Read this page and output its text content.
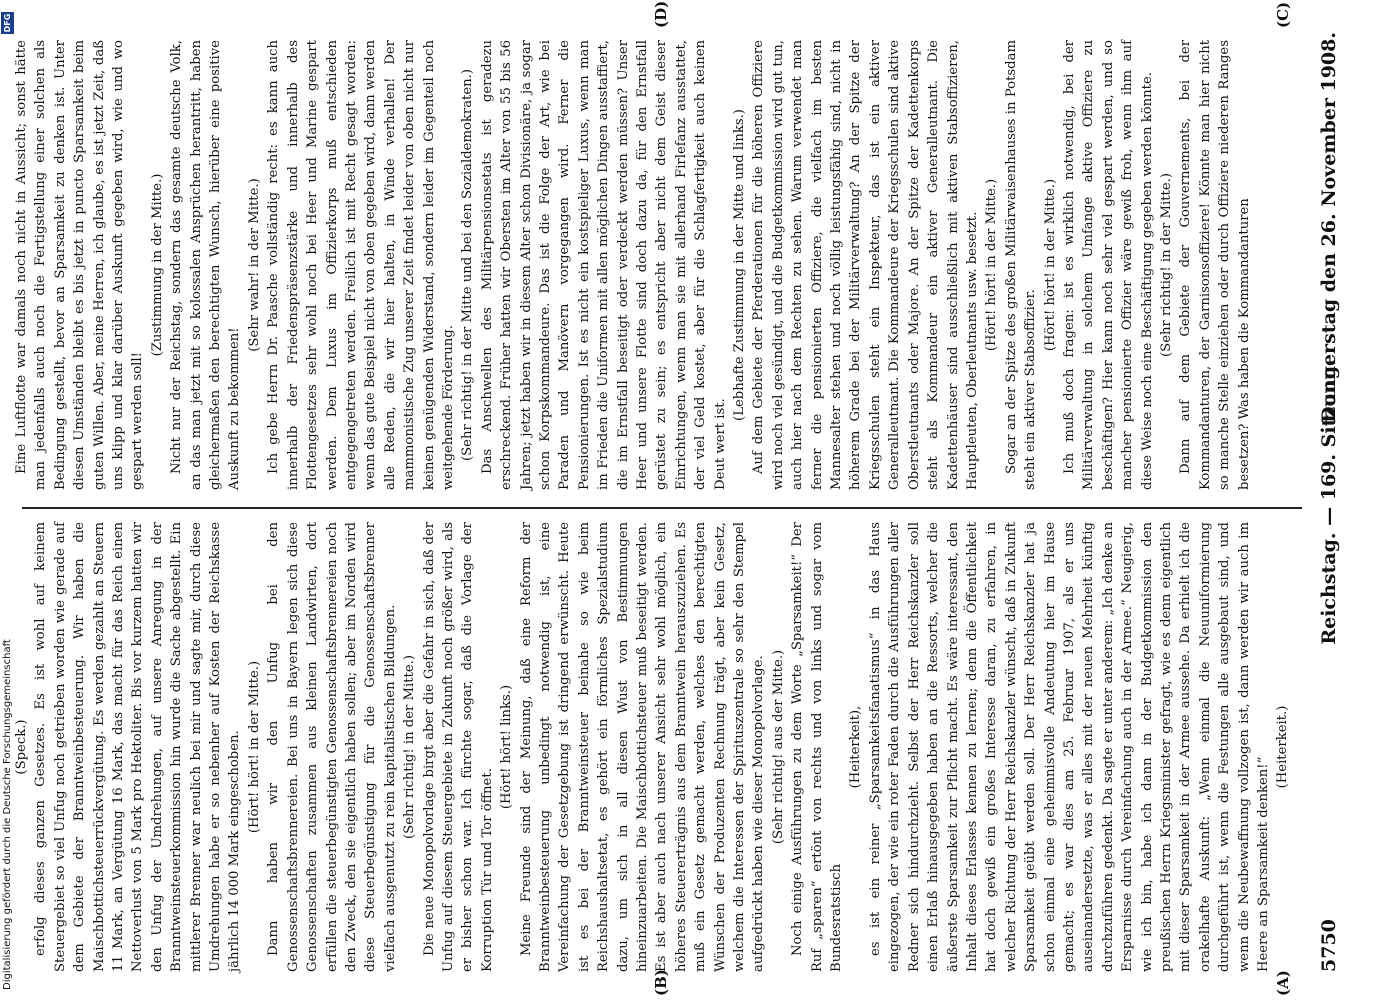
5750
Reichstag. — 169. Sitzung.
Donnerstag den 26. November 1908.
(A)
(B)
(C)
(D)

(Speck.) erfolg dieses ganzen Gesetzes. Es ist wohl auf keinem Steuergebiet so viel Unfug noch getrieben worden wie gerade auf dem Gebiete der Branntweinbesteuerung. Wir haben die Maischbottichsteuerrückvergütung. Es werden gezahlt an Steuern 11 Mark, an Vergütung 16 Mark, das macht für das Reich einen Nettoverlust von 5 Mark pro Hektoliter. Bis vor kurzem hatten wir den Unfug der Umdrehungen, auf unsere Anregung in der Branntweinsteuerkommission hin wurde die Sache abgestellt. Ein mittlerer Brenner war neulich bei mir und sagte mir, durch diese Umdrehungen habe er so nebenher auf Kosten der Reichskasse jährlich 14 000 Mark eingeschoben. (Hört! hört! in der Mitte.) Dann haben wir den Unfug bei den Genossenschaftsbrennereien. Bei uns in Bayern legen sich diese Genossenschaften zusammen aus kleinen Landwirten, dort erfüllen die steuerbegünstigten Genossenschaftsbrennereien noch den Zweck, den sie eigentlich haben sollen; aber im Norden wird diese Steuerbegünstigung für die Genossenschaftsbrenner vielfach ausgenutzt zu rein kapitalistischen Bildungen. (Sehr richtig! in der Mitte.) Die neue Monopolvorlage birgt aber die Gefahr in sich, daß der Unfug auf diesem Steuergebiete in Zukunft noch größer wird, als er bisher schon war. Ich fürchte sogar, daß die Vorlage der Korruption Tür und Tor öffnet.

(Hört! hört! links.) Meine Freunde sind der Meinung, daß eine Reform der Branntweinbesteuerung unbedingt notwendig ist, eine Vereinfachung der Gesetzgebung ist dringend erwünscht. Heute ist es bei der Branntweinsteuer beinahe so wie beim Reichshaushaltsetat, es gehört ein förmliches Spezialstudium dazu, um sich in all diesen Wust von Bestimmungen hineinzuarbeiten. Die Maischbottichsteuer muß beseitigt werden. Es ist aber auch nach unserer Ansicht sehr wohl möglich, ein höheres Steuererträgnis aus dem Branntwein herauszuziehen. Es muß ein Gesetz gemacht werden, welches den berechtigten Wünschen der Produzenten Rechnung trägt, aber kein Gesetz, welchem die Interessen der Spirituszentrale so sehr den Stempel aufgedrückt haben wie dieser Monopolvorlage. (Sehr richtig! aus der Mitte.) Noch einige Ausführungen zu dem Worte „Sparsamkeit!“ Der Ruf „sparen“ ertönt von rechts und von links und sogar vom Bundesratstisch

(Heiterkeit), es ist ein reiner „Sparsamkeitsfanatismus“ in das Haus eingezogen, der wie ein roter Faden durch die Ausführungen aller Redner sich hindurchzieht. Selbst der Herr Reichskanzler soll einen Erlaß hinausgegeben haben an die Ressorts, welcher die äußerste Sparsamkeit zur Pflicht macht. Es wäre interessant, den Inhalt dieses Erlasses kennen zu lernen; denn die Öffentlichkeit hat doch gewiß ein großes Interesse daran, zu erfahren, in welcher Richtung der Herr Reichskanzler wünscht, daß in Zukunft Sparsamkeit geübt werden soll. Der Herr Reichskanzler hat ja schon einmal eine geheimnisvolle Andeutung hier im Hause gemacht; es war dies am 25. Februar 1907, als er uns auseinandersetzte, was er alles mit der neuen Mehrheit künftig durchzuführen gedenkt. Da sagte er unter anderem: „Ich denke an Ersparnisse durch Vereinfachung auch in der Armee.“ Neugierig, wie ich bin, habe ich dann in der Budgetkommission den preußischen Herrn Kriegsminister gefragt, wie es denn eigentlich mit dieser Sparsamkeit in der Armee aussehe. Da erhielt ich die orakelhafte Auskunft: „Wenn einmal die Neuuniformierung durchgeführt ist, wenn die Festungen alle ausgebaut sind, und wenn die Neubewaffnung vollzogen ist, dann werden wir auch im Heere an Sparsamkeit denken!“

(Heiterkeit.)

Eine Luftflotte war damals noch nicht in Aussicht; sonst hätte man jedenfalls auch noch die Fertigstellung einer solchen als Bedingung gestellt, bevor an Sparsamkeit zu denken ist. Unter diesen Umständen bleibt es bis jetzt in puncto Sparsamkeit beim guten Willen. Aber, meine Herren, ich glaube, es ist jetzt Zeit, daß uns klipp und klar darüber Auskunft gegeben wird, wie und wo gespart werden soll!

(Zustimmung in der Mitte.) Nicht nur der Reichstag, sondern das gesamte deutsche Volk, an das man jetzt mit so kolossalen Ansprüchen herantritt, haben gleichermaßen den berechtigten Wunsch, hierüber eine positive Auskunft zu bekommen!

(Sehr wahr! in der Mitte.) Ich gebe Herrn Dr. Paasche vollständig recht: es kann auch innerhalb der Friedenspräsenzstärke und innerhalb des Flottengesetzes sehr wohl noch bei Heer und Marine gespart werden. Dem Luxus im Offizierkorps muß entschieden entgegengetreten werden. Freilich ist mit Recht gesagt worden: wenn das gute Beispiel nicht von oben gegeben wird, dann werden alle Reden, die wir hier halten, in Winde verhallen! Der mammonistische Zug unserer Zeit findet leider von oben nicht nur keinen genügenden Widerstand, sondern leider im Gegenteil noch weitgehende Förderung. (Sehr richtig! in der Mitte und bei den Sozialdemokraten.) Das Anschwellen des Militärpensionsetats ist geradezu erschreckend. Früher hatten wir Obersten im Alter von 55 bis 56 Jahren; jetzt haben wir in diesem Alter schon Divisionäre, ja sogar schon Korpskommandeure. Das ist die Folge der Art, wie bei Paraden und Manövern vorgegangen wird. Ferner die Pensionierungen. Ist es nicht ein kostspieliger Luxus, wenn man im Frieden die Uniformen mit allen möglichen Dingen ausstaffiert, die im Ernstfall beseitigt oder verdeckt werden müssen? Unser Heer und unsere Flotte sind doch dazu da, für den Ernstfall gerüstet zu sein; es entspricht aber nicht dem Geist dieser Einrichtungen, wenn man sie mit allerhand Firlefanz ausstattet, der viel Geld kostet, aber für die Schlagfertigkeit auch keinen Deut wert ist.

(Lebhafte Zustimmung in der Mitte und links.) Auf dem Gebiete der Pferderationen für die höheren Offiziere wird noch viel gesündigt, und die Budgetkommission wird gut tun, auch hier nach dem Rechten zu sehen. Warum verwendet man ferner die pensionierten Offiziere, die vielfach im besten Mannesalter stehen und noch völlig leistungsfähig sind, nicht in höherem Grade bei der Militärverwaltung? An der Spitze der Kriegsschulen steht ein Inspekteur, das ist ein aktiver Generalleutnant. Die Kommandeure der Kriegsschulen sind aktive Oberstleutnants oder Majore. An der Spitze der Kadettenkorps steht als Kommandeur ein aktiver Generalleutnant. Die Kadettenhäuser sind ausschließlich mit aktiven Stabsoffizieren, Hauptleuten, Oberleutnants usw. besetzt. (Hört! hört! in der Mitte.) Sogar an der Spitze des großen Militärwaisenhauses in Potsdam steht ein aktiver Stabsoffizier.

(Hört! hört! in der Mitte.) Ich muß doch fragen: ist es wirklich notwendig, bei der Militärverwaltung in solchem Umfange aktive Offiziere zu beschäftigen? Hier kann noch sehr viel gespart werden, und so mancher pensionierte Offizier wäre gewiß froh, wenn ihm auf diese Weise noch eine Beschäftigung gegeben werden könnte. (Sehr richtig! in der Mitte.) Dann auf dem Gebiete der Gouvernements, bei der Kommandanturen, der Garnisonsoffiziere! Könnte man hier nicht so manche Stelle einziehen oder durch Offiziere niederen Ranges besetzen? Was haben die Kommandanturen

Digitalisierung gefördert durch die Deutsche Forschungsgemeinschaft
DFG
